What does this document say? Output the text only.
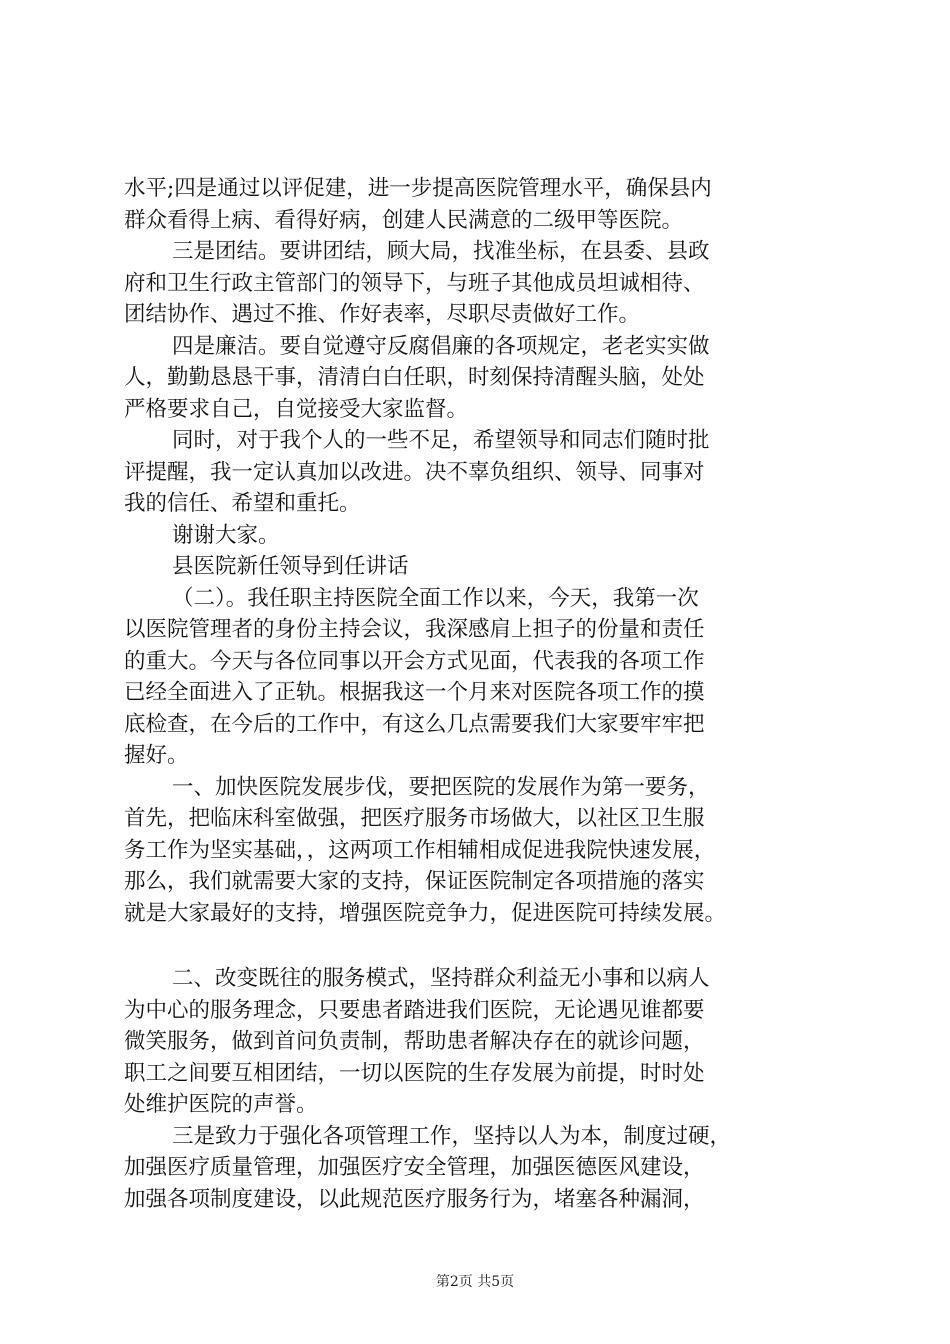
水平;四是通过以评促建，进一步提高医院管理水平，确保县内
群众看得上病、看得好病，创建人民满意的二级甲等医院。
三是团结。要讲团结，顾大局，找准坐标，在县委、县政
府和卫生行政主管部门的领导下，与班子其他成员坦诚相待、
团结协作、遇过不推、作好表率，尽职尽责做好工作。
四是廉洁。要自觉遵守反腐倡廉的各项规定，老老实实做
人，勤勤恳恳干事，清清白白任职，时刻保持清醒头脑，处处
严格要求自己，自觉接受大家监督。
同时，对于我个人的一些不足，希望领导和同志们随时批
评提醒，我一定认真加以改进。决不辜负组织、领导、同事对
我的信任、希望和重托。
谢谢大家。
县医院新任领导到任讲话
（二）。我任职主持医院全面工作以来，今天，我第一次
以医院管理者的身份主持会议，我深感肩上担子的份量和责任
的重大。今天与各位同事以开会方式见面，代表我的各项工作
已经全面进入了正轨。根据我这一个月来对医院各项工作的摸
底检查，在今后的工作中，有这么几点需要我们大家要牢牢把
握好。
一、加快医院发展步伐，要把医院的发展作为第一要务，
首先，把临床科室做强，把医疗服务市场做大，以社区卫生服
务工作为坚实基础，，这两项工作相辅相成促进我院快速发展，
那么，我们就需要大家的支持，保证医院制定各项措施的落实
就是大家最好的支持，增强医院竞争力，促进医院可持续发展。
二、改变既往的服务模式，坚持群众利益无小事和以病人
为中心的服务理念，只要患者踏进我们医院，无论遇见谁都要
微笑服务，做到首问负责制，帮助患者解决存在的就诊问题，
职工之间要互相团结，一切以医院的生存发展为前提，时时处
处维护医院的声誉。
三是致力于强化各项管理工作，坚持以人为本，制度过硬，
加强医疗质量管理，加强医疗安全管理，加强医德医风建设，
加强各项制度建设，以此规范医疗服务行为，堵塞各种漏洞，
第2页 共5页
